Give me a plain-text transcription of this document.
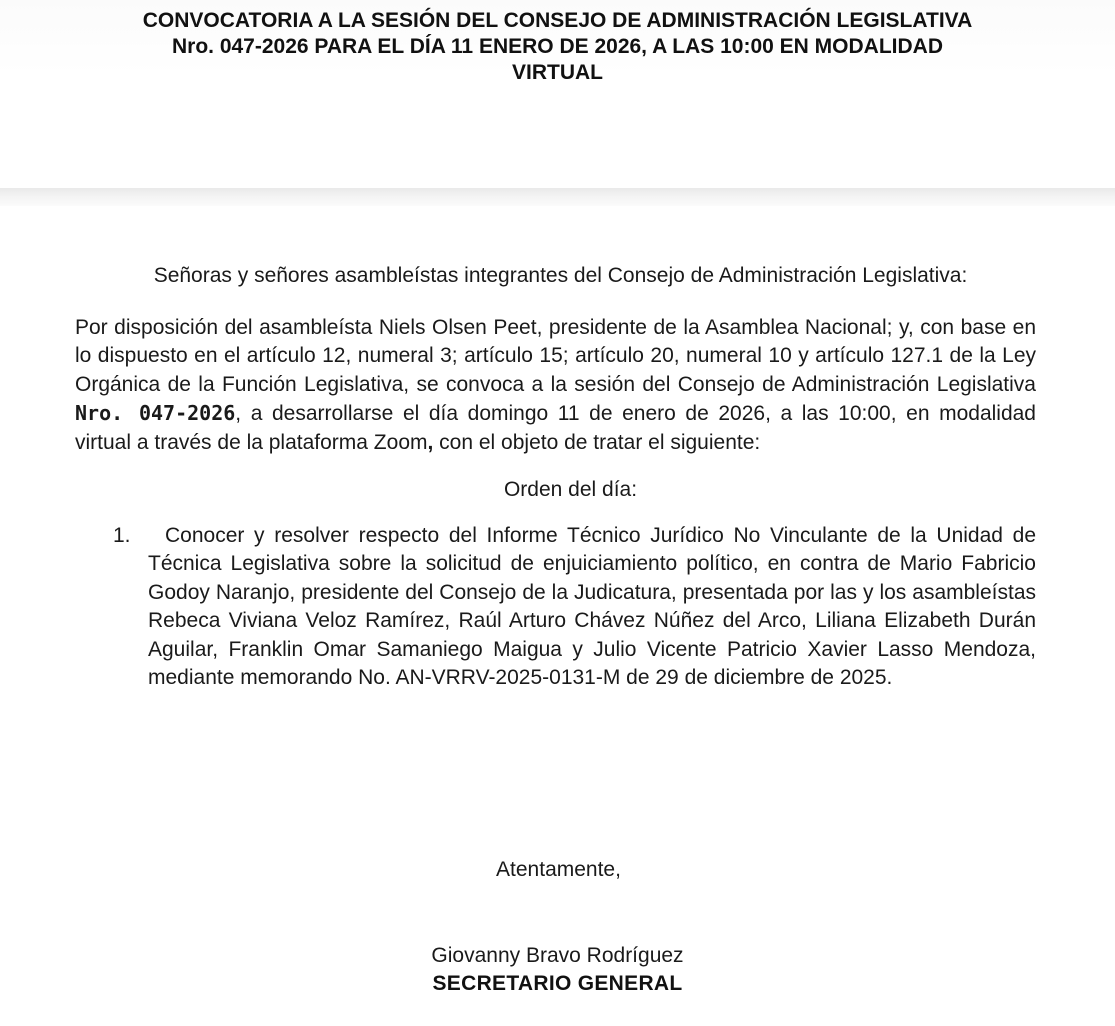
CONVOCATORIA A LA SESIÓN DEL CONSEJO DE ADMINISTRACIÓN LEGISLATIVA
Nro. 047-2026 PARA EL DÍA 11 ENERO DE 2026, A LAS 10:00 EN MODALIDAD
VIRTUAL

Señoras y señores asambleístas integrantes del Consejo de Administración Legislativa:

Por disposición del asambleísta Niels Olsen Peet, presidente de la Asamblea Nacional; y, con base en lo dispuesto en el artículo 12, numeral 3; artículo 15; artículo 20, numeral 10 y artículo 127.1 de la Ley Orgánica de la Función Legislativa, se convoca a la sesión del Consejo de Administración Legislativa Nro. 047-2026, a desarrollarse el día domingo 11 de enero de 2026, a las 10:00, en modalidad virtual a través de la plataforma Zoom, con el objeto de tratar el siguiente:

Orden del día:

1.	Conocer y resolver respecto del Informe Técnico Jurídico No Vinculante de la Unidad de Técnica Legislativa sobre la solicitud de enjuiciamiento político, en contra de Mario Fabricio Godoy Naranjo, presidente del Consejo de la Judicatura, presentada por las y los asambleístas Rebeca Viviana Veloz Ramírez, Raúl Arturo Chávez Núñez del Arco, Liliana Elizabeth Durán Aguilar, Franklin Omar Samaniego Maigua y Julio Vicente Patricio Xavier Lasso Mendoza, mediante memorando No. AN-VRRV-2025-0131-M de 29 de diciembre de 2025.
Atentamente,
Giovanny Bravo Rodríguez
SECRETARIO GENERAL
